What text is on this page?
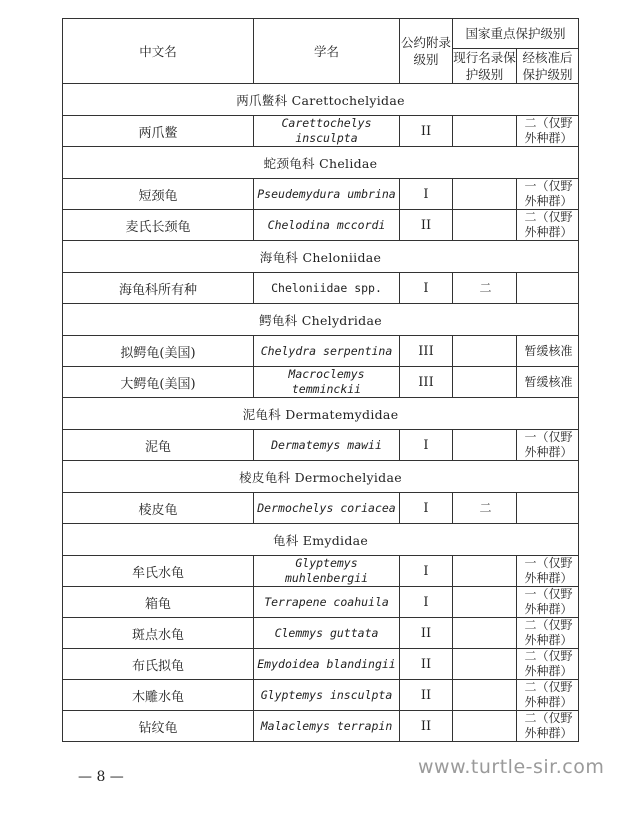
中文名	学名	公约附录级别	国家重点保护级别	
			现行名录保护级别	经核准后保护级别
两爪鳖科 Carettochelyidae				
两爪鳖	Carettochelys insculpta	II		二（仅野外种群）
蛇颈龟科 Chelidae				
短颈龟	Pseudemydura umbrina	I		一（仅野外种群）
麦氏长颈龟	Chelodina mccordi	II		二（仅野外种群）
海龟科 Cheloniidae				
海龟科所有种	Cheloniidae spp.	I	二	
鳄龟科 Chelydridae				
拟鳄龟(美国)	Chelydra serpentina	III		暂缓核准
大鳄龟(美国)	Macroclemys temminckii	III		暂缓核准
泥龟科 Dermatemydidae				
泥龟	Dermatemys mawii	I		一（仅野外种群）
棱皮龟科 Dermochelyidae				
棱皮龟	Dermochelys coriacea	I	二	
龟科 Emydidae				
牟氏水龟	Glyptemys muhlenbergii	I		一（仅野外种群）
箱龟	Terrapene coahuila	I		一（仅野外种群）
斑点水龟	Clemmys guttata	II		二（仅野外种群）
布氏拟龟	Emydoidea blandingii	II		二（仅野外种群）
木雕水龟	Glyptemys insculpta	II		二（仅野外种群）
钻纹龟	Malaclemys terrapin	II		二（仅野外种群）
— 8 —	www.turtle-sir.com
